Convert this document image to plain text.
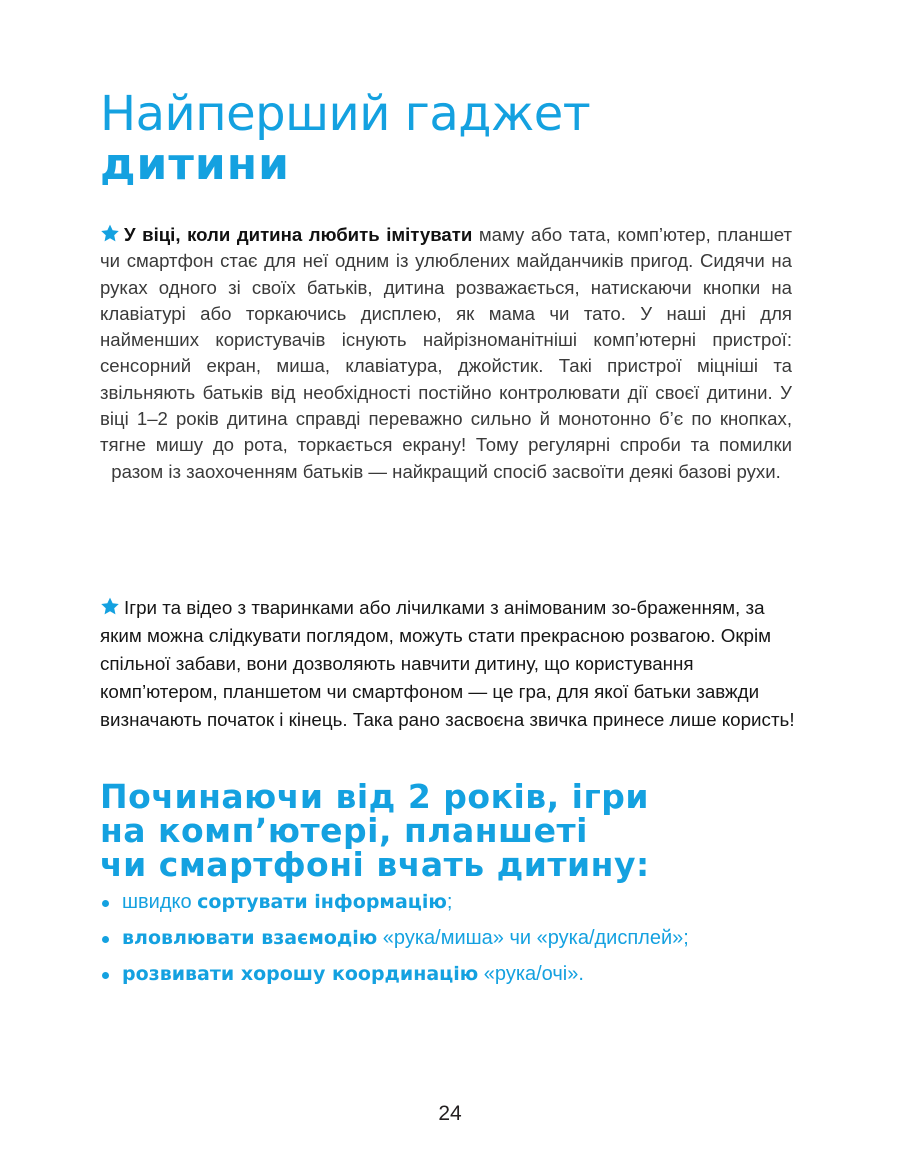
Найперший гаджет
дитини

У віці, коли дитина любить імітувати маму або тата, комп’ютер, планшет чи смартфон стає для неї одним із улюблених майданчиків пригод. Сидячи на руках одного зі своїх батьків, дитина розважається, натискаючи кнопки на клавіатурі або торкаючись дисплею, як мама чи тато. У наші дні для найменших користувачів існують найрізноманітніші комп’ютерні пристрої: сенсорний екран, миша, клавіатура, джойстик. Такі пристрої міцніші та звільняють батьків від необхідності постійно контролювати дії своєї дитини. У віці 1–2 років дитина справді переважно сильно й монотонно б’є по кнопках, тягне мишу до рота, торкається екрану! Тому регулярні спроби та помилки разом із заохоченням батьків — найкращий спосіб засвоїти деякі базові рухи.

Ігри та відео з тваринками або лічилками з анімованим зо-браженням, за яким можна слідкувати поглядом, можуть стати прекрасною розвагою. Окрім спільної забави, вони дозволяють навчити дитину, що користування комп’ютером, планшетом чи смартфоном — це гра, для якої батьки завжди визначають початок і кінець. Така рано засвоєна звичка принесе лише користь!

Починаючи від 2 років, ігри
на комп’ютері, планшеті
чи смартфоні вчать дитину:
швидко сортувати інформацію;
вловлювати взаємодію «рука/миша» чи «рука/дисплей»;
розвивати хорошу координацію «рука/очі».
24
